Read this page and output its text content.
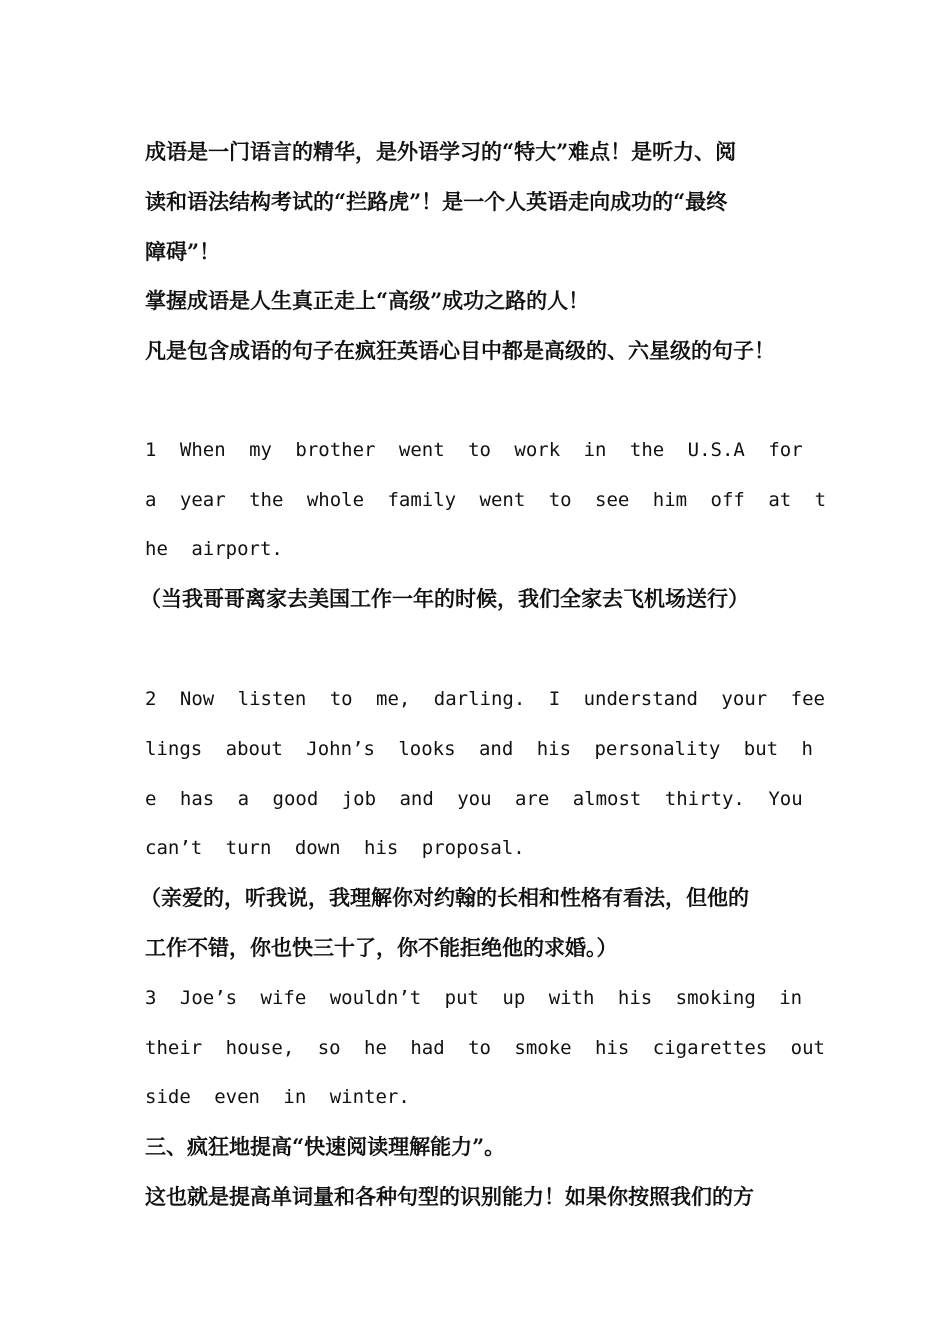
成语是一门语言的精华，是外语学习的“特大”难点！是听力、阅
读和语法结构考试的“拦路虎”！是一个人英语走向成功的“最终
障碍”！
掌握成语是人生真正走上“高级”成功之路的人！
凡是包含成语的句子在疯狂英语心目中都是高级的、六星级的句子！
1 When my brother went to work in the U.S.A for
a year the whole family went to see him off at t
he airport.
（当我哥哥离家去美国工作一年的时候，我们全家去飞机场送行）
2 Now listen to me, darling. I understand your fee
lings about John’s looks and his personality but h
e has a good job and you are almost thirty. You
can’t turn down his proposal.
（亲爱的，听我说，我理解你对约翰的长相和性格有看法，但他的
工作不错，你也快三十了，你不能拒绝他的求婚。）
3 Joe’s wife wouldn’t put up with his smoking in
their house, so he had to smoke his cigarettes out
side even in winter.
三、疯狂地提高“快速阅读理解能力”。
这也就是提高单词量和各种句型的识别能力！如果你按照我们的方
